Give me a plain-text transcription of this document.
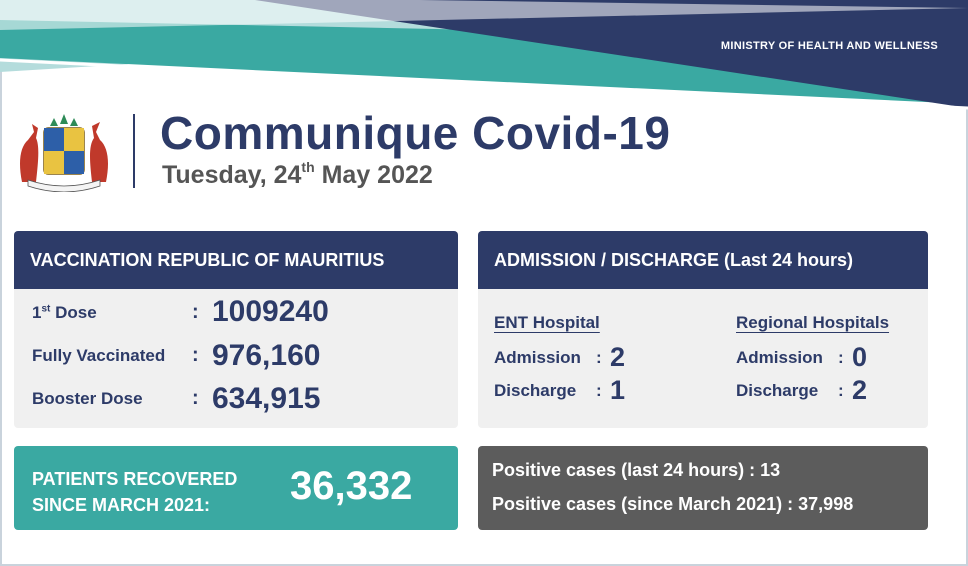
MINISTRY OF HEALTH AND WELLNESS
Communique Covid-19
Tuesday, 24th May 2022
VACCINATION REPUBLIC OF MAURITIUS
1st Dose	: 1009240
Fully Vaccinated : 976,160
Booster Dose : 634,915
ADMISSION / DISCHARGE (Last 24 hours)
ENT Hospital
Admission : 2
Discharge : 1
Regional Hospitals
Admission : 0
Discharge : 2
PATIENTS RECOVERED
SINCE MARCH 2021:	36,332	Positive cases (last 24 hours) : 13
Positive cases (since March 2021) : 37,998
